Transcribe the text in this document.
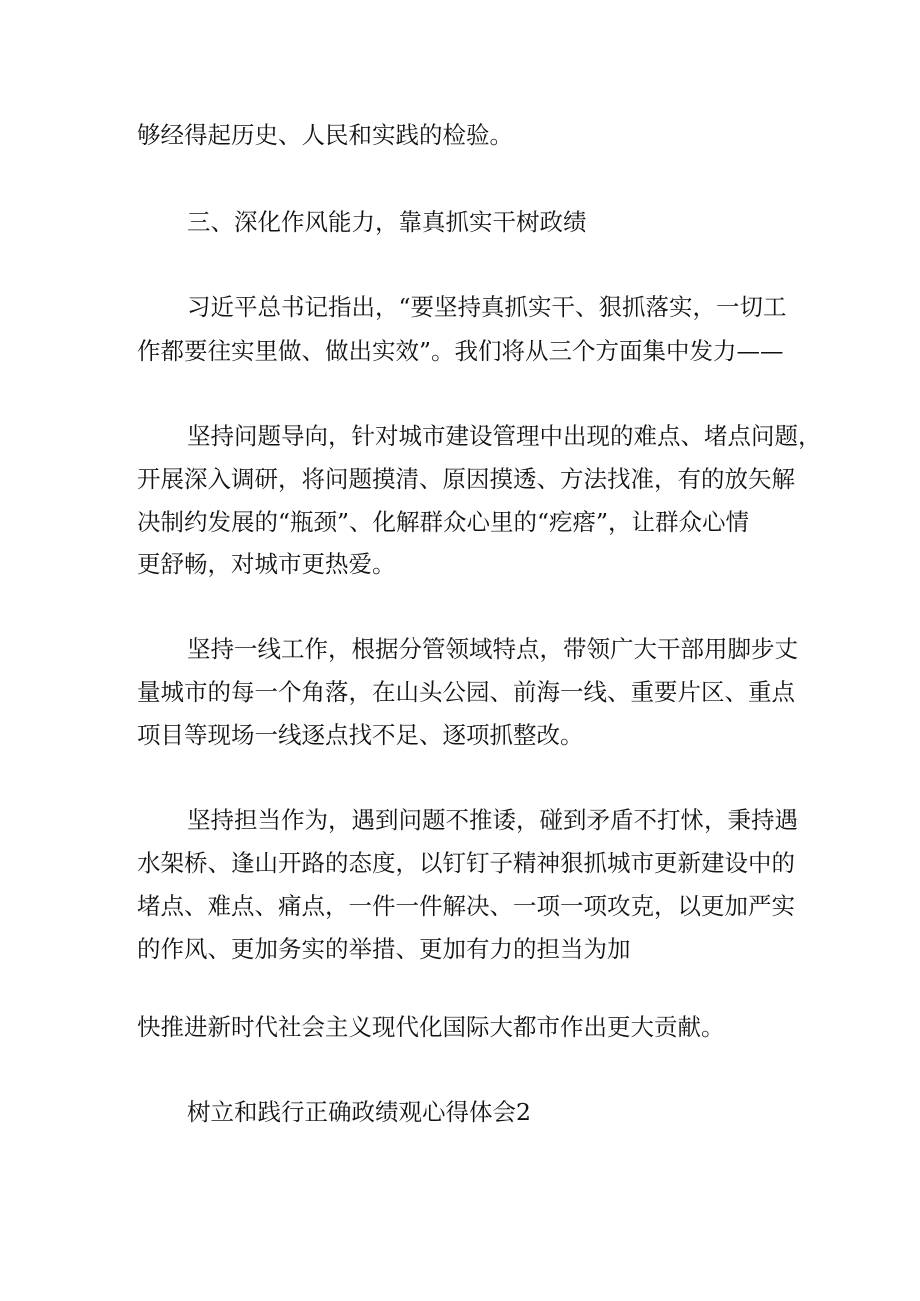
够经得起历史、人民和实践的检验。
三、深化作风能力，靠真抓实干树政绩
习近平总书记指出，“要坚持真抓实干、狠抓落实，一切工
作都要往实里做、做出实效”。我们将从三个方面集中发力——
坚持问题导向，针对城市建设管理中出现的难点、堵点问题，
开展深入调研，将问题摸清、原因摸透、方法找准，有的放矢解
决制约发展的“瓶颈”、化解群众心里的“疙瘩”，让群众心情
更舒畅，对城市更热爱。
坚持一线工作，根据分管领域特点，带领广大干部用脚步丈
量城市的每一个角落，在山头公园、前海一线、重要片区、重点
项目等现场一线逐点找不足、逐项抓整改。
坚持担当作为，遇到问题不推诿，碰到矛盾不打怵，秉持遇
水架桥、逢山开路的态度，以钉钉子精神狠抓城市更新建设中的
堵点、难点、痛点，一件一件解决、一项一项攻克，以更加严实
的作风、更加务实的举措、更加有力的担当为加
快推进新时代社会主义现代化国际大都市作出更大贡献。
树立和践行正确政绩观心得体会2
